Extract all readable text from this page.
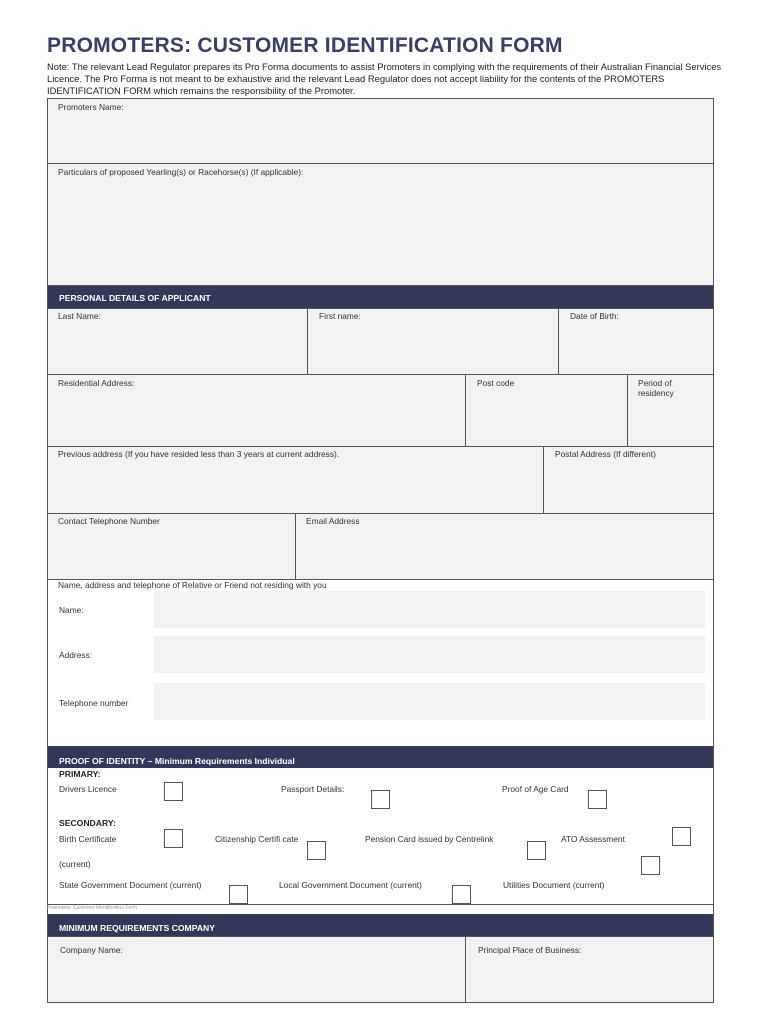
PROMOTERS: CUSTOMER IDENTIFICATION FORM
Note: The relevant Lead Regulator prepares its Pro Forma documents to assist Promoters in complying with the requirements of their Australian Financial Services Licence. The Pro Forma is not meant to be exhaustive and the relevant Lead Regulator does not accept liability for the contents of the PROMOTERS IDENTIFICATION FORM which remains the responsibility of the Promoter.
Promoters Name:
Particulars of proposed Yearling(s) or Racehorse(s) (If applicable):
PERSONAL DETAILS OF APPLICANT
Last Name:	First name:	Date of Birth:
Residential Address:	Post code	Period of residency
Previous address (If you have resided less than 3 years at current address).	Postal Address (If different)
Contact Telephone Number	Email Address
Name, address and telephone of Relative or Friend not residing with you
Name:
Address:
Telephone number
PROOF OF IDENTITY – Minimum Requirements Individual
PRIMARY:
Drivers Licence	Passport Details:	Proof of Age Card
SECONDARY:
Birth Certificate	Citizenship Certifi cate	Pension Card issued by Centrelink	ATO Assessment
(current)
State Government Document (current)	Local Government Document (current)	Utilities Document (current)
Promoters: Customer Identification Form
MINIMUM REQUIREMENTS COMPANY
Company Name:	Principal Place of Business:
